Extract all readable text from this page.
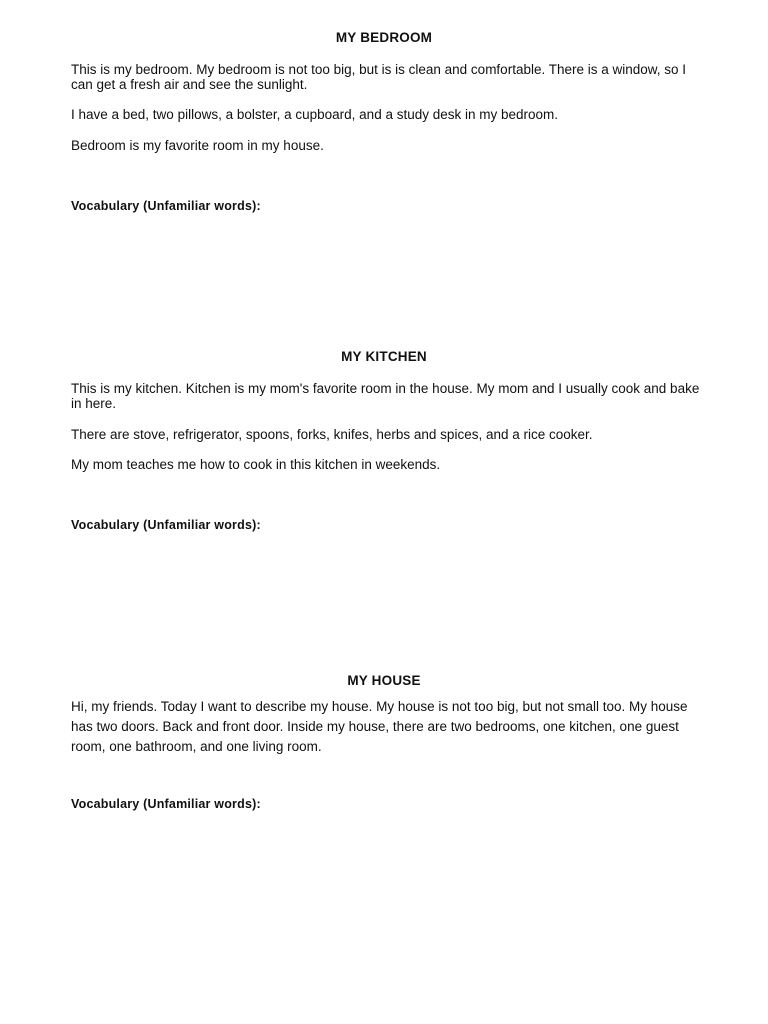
MY BEDROOM

This is my bedroom. My bedroom is not too big, but is is clean and comfortable. There is a window, so I can get a fresh air and see the sunlight.

I have a bed, two pillows, a bolster, a cupboard, and a study desk in my bedroom.

Bedroom is my favorite room in my house.

Vocabulary (Unfamiliar words):
MY KITCHEN

This is my kitchen. Kitchen is my mom's favorite room in the house. My mom and I usually cook and bake in here.

There are stove, refrigerator, spoons, forks, knifes, herbs and spices, and a rice cooker.

My mom teaches me how to cook in this kitchen in weekends.

Vocabulary (Unfamiliar words):
MY HOUSE

Hi, my friends. Today I want to describe my house. My house is not too big, but not small too. My house has two doors. Back and front door. Inside my house, there are two bedrooms, one kitchen, one guest room, one bathroom, and one living room.

Vocabulary (Unfamiliar words):
